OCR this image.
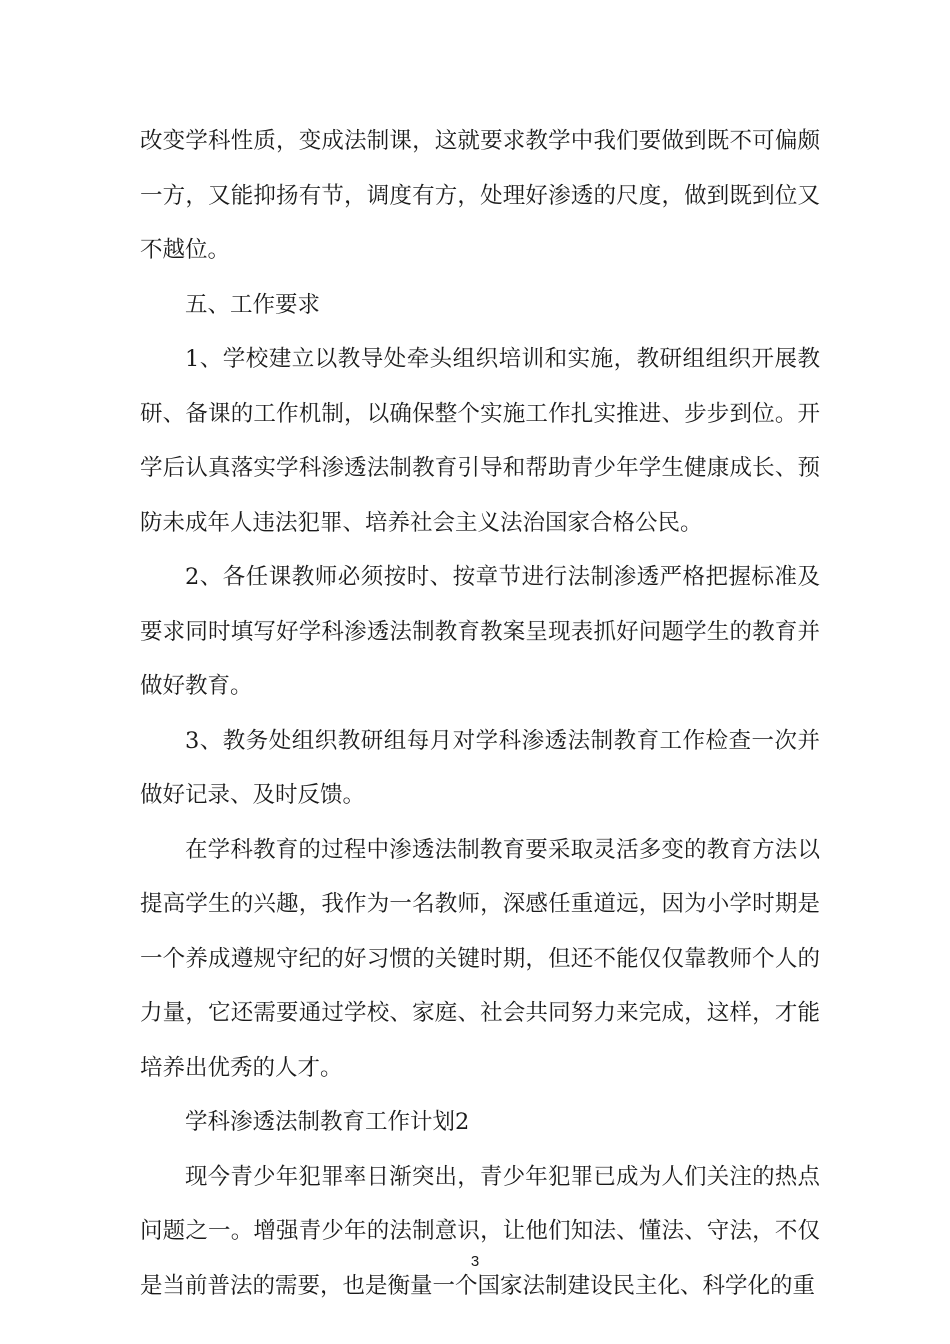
改变学科性质，变成法制课，这就要求教学中我们要做到既不可偏颇一方，又能抑扬有节，调度有方，处理好渗透的尺度，做到既到位又不越位。

五、工作要求

1、学校建立以教导处牵头组织培训和实施，教研组组织开展教研、备课的工作机制，以确保整个实施工作扎实推进、步步到位。开学后认真落实学科渗透法制教育引导和帮助青少年学生健康成长、预防未成年人违法犯罪、培养社会主义法治国家合格公民。

2、各任课教师必须按时、按章节进行法制渗透严格把握标准及要求同时填写好学科渗透法制教育教案呈现表抓好问题学生的教育并做好教育。

3、教务处组织教研组每月对学科渗透法制教育工作检查一次并做好记录、及时反馈。

在学科教育的过程中渗透法制教育要采取灵活多变的教育方法以提高学生的兴趣，我作为一名教师，深感任重道远，因为小学时期是一个养成遵规守纪的好习惯的关键时期，但还不能仅仅靠教师个人的力量，它还需要通过学校、家庭、社会共同努力来完成，这样，才能培养出优秀的人才。

学科渗透法制教育工作计划2

现今青少年犯罪率日渐突出，青少年犯罪已成为人们关注的热点问题之一。增强青少年的法制意识，让他们知法、懂法、守法，不仅是当前普法的需要，也是衡量一个国家法制建设民主化、科学化的重

3
